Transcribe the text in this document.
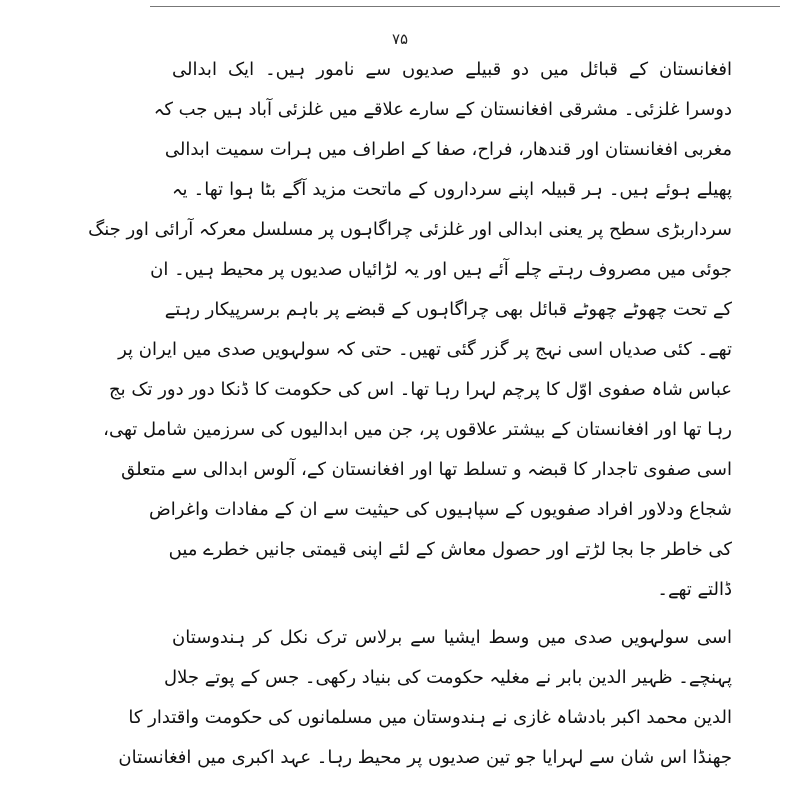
۷۵
افغانستان کے قبائل میں دو قبیلے صدیوں سے نامور ہیں۔ ایک ابدالی
دوسرا غلزئی۔ مشرقی افغانستان کے سارے علاقے میں غلزئی آباد ہیں جب کہ
مغربی افغانستان اور قندھار، فراح، صفا کے اطراف میں ہرات سمیت ابدالی
پھیلے ہوئے ہیں۔ ہر قبیلہ اپنے سرداروں کے ماتحت مزید آگے بٹا ہوا تھا۔ یہ
سرداربڑی سطح پر یعنی ابدالی اور غلزئی چراگاہوں پر مسلسل معرکہ آرائی اور جنگ
جوئی میں مصروف رہتے چلے آئے ہیں اور یہ لڑائیاں صدیوں پر محیط ہیں۔ ان
کے تحت چھوٹے چھوٹے قبائل بھی چراگاہوں کے قبضے پر باہم برسرپیکار رہتے
تھے۔ کئی صدیاں اسی نہج پر گزر گئی تھیں۔ حتی کہ سولہویں صدی میں ایران پر
عباس شاہ صفوی اوّل کا پرچم لہرا رہا تھا۔ اس کی حکومت کا ڈنکا دور دور تک بج
رہا تھا اور افغانستان کے بیشتر علاقوں پر، جن میں ابدالیوں کی سرزمین شامل تھی،
اسی صفوی تاجدار کا قبضہ و تسلط تھا اور افغانستان کے، آلوس ابدالی سے متعلق
شجاع ودلاور افراد صفویوں کے سپاہیوں کی حیثیت سے ان کے مفادات واغراض
کی خاطر جا بجا لڑتے اور حصول معاش کے لئے اپنی قیمتی جانیں خطرے میں
ڈالتے تھے۔
اسی سولہویں صدی میں وسط ایشیا سے برلاس ترک نکل کر ہندوستان
پہنچے۔ ظہیر الدین بابر نے مغلیہ حکومت کی بنیاد رکھی۔ جس کے پوتے جلال
الدین محمد اکبر بادشاہ غازی نے ہندوستان میں مسلمانوں کی حکومت واقتدار کا
جھنڈا اس شان سے لہرایا جو تین صدیوں پر محیط رہا۔ عہد اکبری میں افغانستان
